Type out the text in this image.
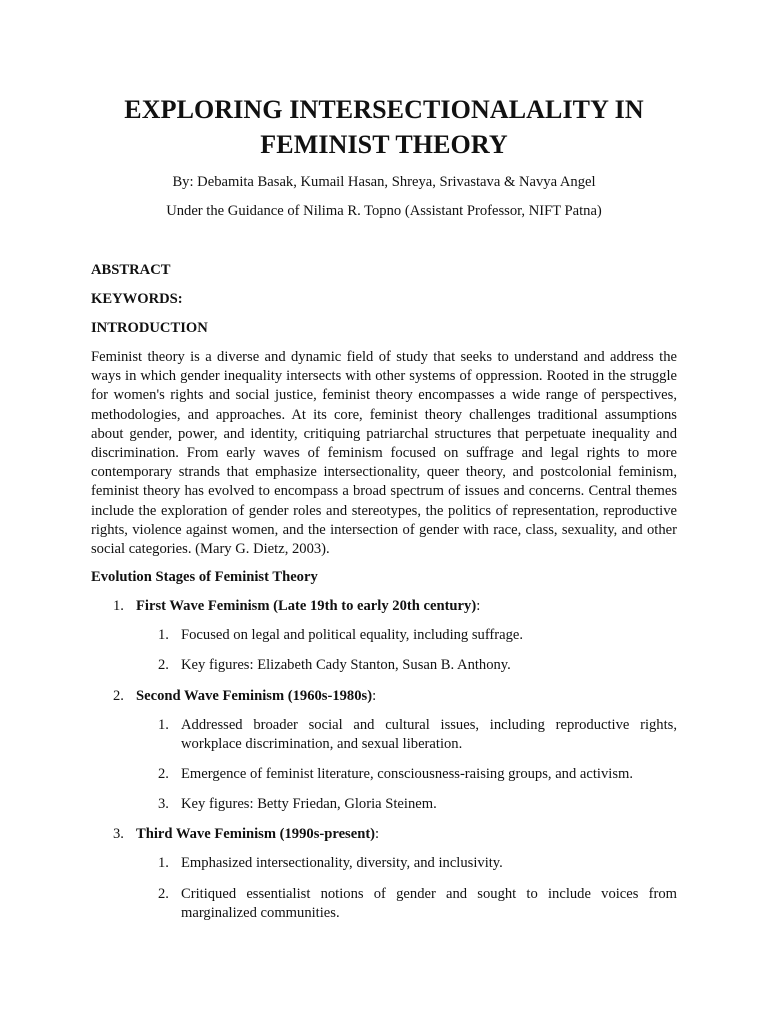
EXPLORING INTERSECTIONALALITY IN FEMINIST THEORY

By: Debamita Basak, Kumail Hasan, Shreya, Srivastava & Navya Angel

Under the Guidance of Nilima R. Topno (Assistant Professor, NIFT Patna)

ABSTRACT

KEYWORDS:

INTRODUCTION

Feminist theory is a diverse and dynamic field of study that seeks to understand and address the ways in which gender inequality intersects with other systems of oppression. Rooted in the struggle for women's rights and social justice, feminist theory encompasses a wide range of perspectives, methodologies, and approaches. At its core, feminist theory challenges traditional assumptions about gender, power, and identity, critiquing patriarchal structures that perpetuate inequality and discrimination. From early waves of feminism focused on suffrage and legal rights to more contemporary strands that emphasize intersectionality, queer theory, and postcolonial feminism, feminist theory has evolved to encompass a broad spectrum of issues and concerns. Central themes include the exploration of gender roles and stereotypes, the politics of representation, reproductive rights, violence against women, and the intersection of gender with race, class, sexuality, and other social categories. (Mary G. Dietz, 2003).

Evolution Stages of Feminist Theory

1. First Wave Feminism (Late 19th to early 20th century):
1. Focused on legal and political equality, including suffrage.
2. Key figures: Elizabeth Cady Stanton, Susan B. Anthony.
2. Second Wave Feminism (1960s-1980s):
1. Addressed broader social and cultural issues, including reproductive rights, workplace discrimination, and sexual liberation.
2. Emergence of feminist literature, consciousness-raising groups, and activism.
3. Key figures: Betty Friedan, Gloria Steinem.
3. Third Wave Feminism (1990s-present):
1. Emphasized intersectionality, diversity, and inclusivity.
2. Critiqued essentialist notions of gender and sought to include voices from marginalized communities.
